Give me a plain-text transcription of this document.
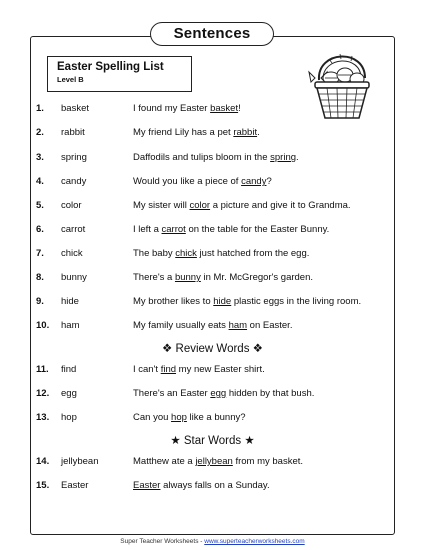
Sentences
Easter Spelling List
Level B
1. basket	I found my Easter basket!
2. rabbit	My friend Lily has a pet rabbit.
3. spring	Daffodils and tulips bloom in the spring.
4. candy	Would you like a piece of candy?
5. color	My sister will color a picture and give it to Grandma.
6. carrot	I left a carrot on the table for the Easter Bunny.
7. chick	The baby chick just hatched from the egg.
8. bunny	There's a bunny in Mr. McGregor's garden.
9. hide	My brother likes to hide plastic eggs in the living room.
10. ham	My family usually eats ham on Easter.
❖ Review Words ❖
11. find	I can't find my new Easter shirt.
12. egg	There's an Easter egg hidden by that bush.
13. hop	Can you hop like a bunny?
★ Star Words ★
14. jellybean	Matthew ate a jellybean from my basket.
15. Easter	Easter always falls on a Sunday.
Super Teacher Worksheets - www.superteacherworksheets.com
